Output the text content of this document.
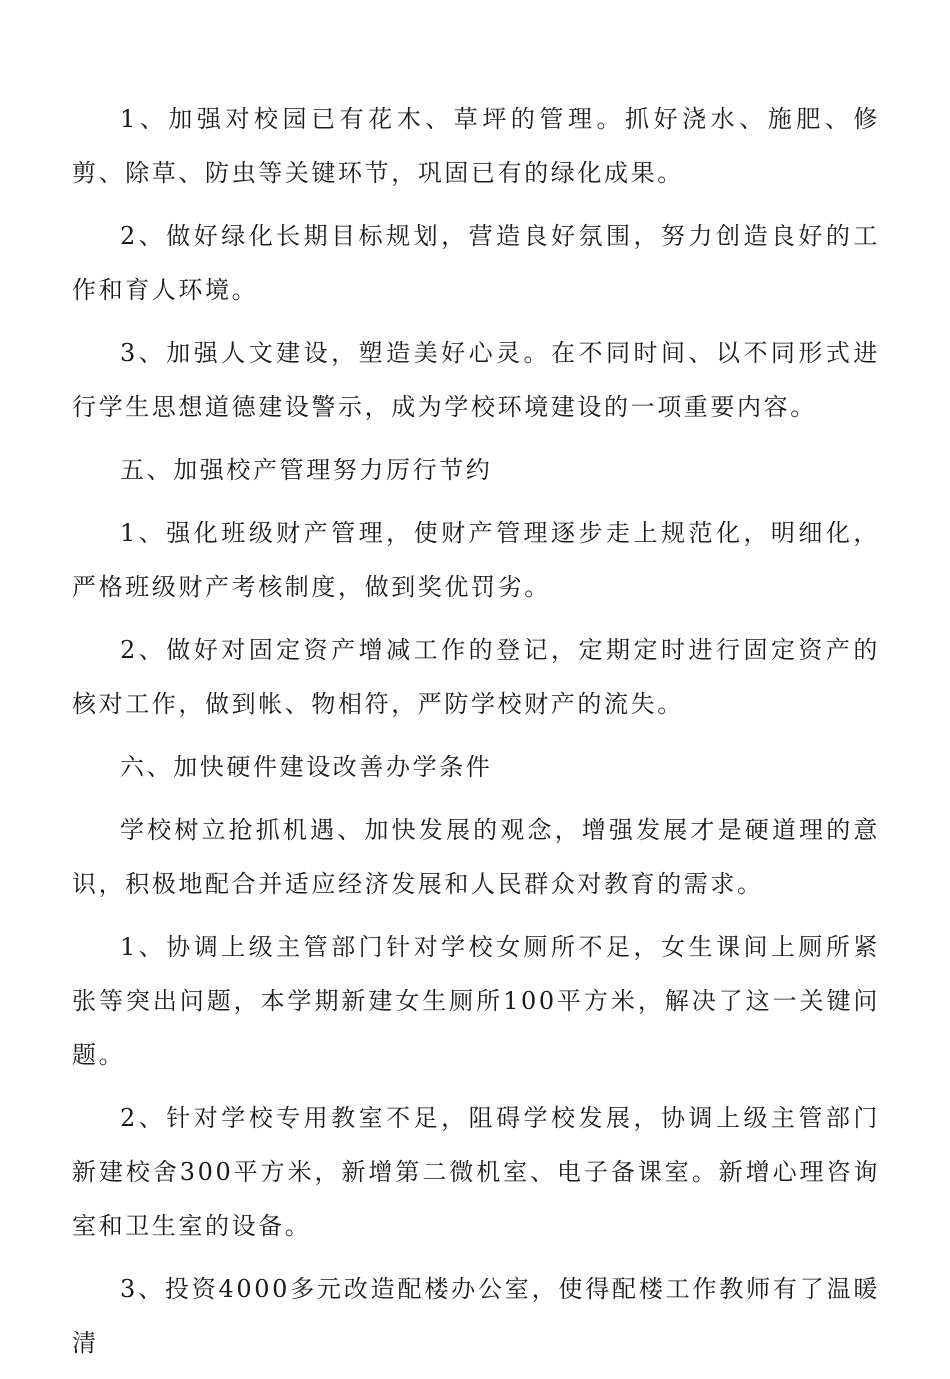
1、加强对校园已有花木、草坪的管理。抓好浇水、施肥、修剪、除草、防虫等关键环节，巩固已有的绿化成果。

2、做好绿化长期目标规划，营造良好氛围，努力创造良好的工作和育人环境。

3、加强人文建设，塑造美好心灵。在不同时间、以不同形式进行学生思想道德建设警示，成为学校环境建设的一项重要内容。

五、加强校产管理努力厉行节约

1、强化班级财产管理，使财产管理逐步走上规范化，明细化，严格班级财产考核制度，做到奖优罚劣。

2、做好对固定资产增减工作的登记，定期定时进行固定资产的核对工作，做到帐、物相符，严防学校财产的流失。

六、加快硬件建设改善办学条件

学校树立抢抓机遇、加快发展的观念，增强发展才是硬道理的意识，积极地配合并适应经济发展和人民群众对教育的需求。

1、协调上级主管部门针对学校女厕所不足，女生课间上厕所紧张等突出问题，本学期新建女生厕所100平方米，解决了这一关键问题。

2、针对学校专用教室不足，阻碍学校发展，协调上级主管部门新建校舍300平方米，新增第二微机室、电子备课室。新增心理咨询室和卫生室的设备。

3、投资4000多元改造配楼办公室，使得配楼工作教师有了温暖清
